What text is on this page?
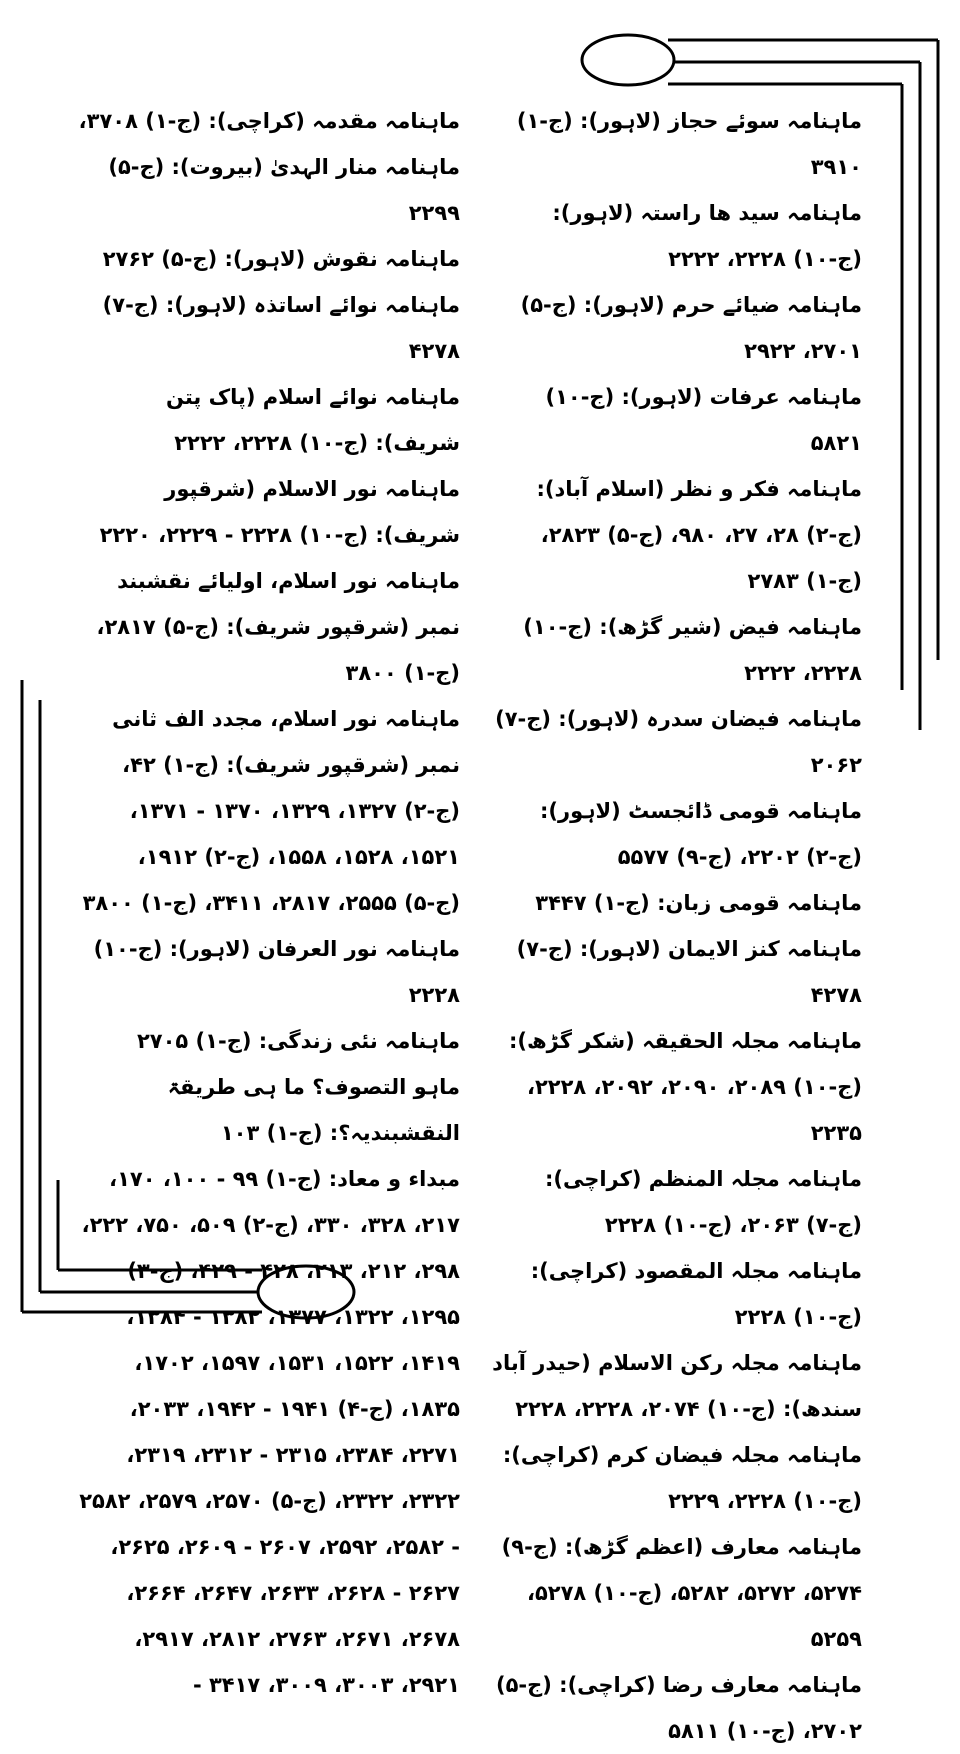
ماہنامہ سوئے حجاز (لاہور): (ج-۱) ۳۹۱۰

ماہنامہ سید ھا راستہ (لاہور): (ج-۱۰) ۲۲۲۸، ۲۲۲۲

ماہنامہ ضیائے حرم (لاہور): (ج-۵) ۲۷۰۱، ۲۹۲۲

ماہنامہ عرفات (لاہور): (ج-۱۰) ۵۸۲۱

ماہنامہ فکر و نظر (اسلام آباد): (ج-۲) ۲۸، ۲۷، ۹۸۰، (ج-۵) ۲۸۲۳، (ج-۱) ۲۷۸۳

ماہنامہ فیض (شیر گڑھ): (ج-۱۰) ۲۲۲۸، ۲۲۲۲

ماہنامہ فیضان سدرہ (لاہور): (ج-۷) ۲۰۶۲

ماہنامہ قومی ڈائجسٹ (لاہور): (ج-۲) ۲۲۰۲، (ج-۹) ۵۵۷۷

ماہنامہ قومی زبان: (ج-۱) ۳۴۴۷

ماہنامہ کنز الایمان (لاہور): (ج-۷) ۴۲۷۸

ماہنامہ مجلہ الحقیقہ (شکر گڑھ): (ج-۱۰) ۲۰۸۹، ۲۰۹۰، ۲۰۹۲، ۲۲۲۸، ۲۲۳۵

ماہنامہ مجلہ المنظم (کراچی): (ج-۷) ۲۰۶۳، (ج-۱۰) ۲۲۲۸

ماہنامہ مجلہ المقصود (کراچی): (ج-۱۰) ۲۲۲۸

ماہنامہ مجلہ رکن الاسلام (حیدر آباد سندھ): (ج-۱۰) ۲۰۷۴، ۲۲۲۸، ۲۲۲۸

ماہنامہ مجلہ فیضان کرم (کراچی): (ج-۱۰) ۲۲۲۸، ۲۲۲۹

ماہنامہ معارف (اعظم گڑھ): (ج-۹) ۵۲۷۴، ۵۲۷۲، ۵۲۸۲، (ج-۱۰) ۵۲۷۸، ۵۲۵۹

ماہنامہ معارف رضا (کراچی): (ج-۵) ۲۷۰۲، (ج-۱۰) ۵۸۱۱

ماہنامہ مقدمہ (کراچی): (ج-۱) ۳۷۰۸،

ماہنامہ منار الہدیٰ (بیروت): (ج-۵) ۲۲۹۹

ماہنامہ نقوش (لاہور): (ج-۵) ۲۷۶۲

ماہنامہ نوائے اساتذہ (لاہور): (ج-۷) ۴۲۷۸

ماہنامہ نوائے اسلام (پاک پتن شریف): (ج-۱۰) ۲۲۲۸، ۲۲۲۲

ماہنامہ نور الاسلام (شرقپور شریف): (ج-۱۰) ۲۲۲۸ - ۲۲۲۹، ۲۲۲۰

ماہنامہ نور اسلام، اولیائے نقشبند نمبر (شرقپور شریف): (ج-۵) ۲۸۱۷، (ج-۱) ۳۸۰۰

ماہنامہ نور اسلام، مجدد الف ثانی نمبر (شرقپور شریف): (ج-۱) ۴۲، (ج-۲) ۱۳۲۷، ۱۳۲۹، ۱۳۷۰ - ۱۳۷۱، ۱۵۲۱، ۱۵۲۸، ۱۵۵۸، (ج-۲) ۱۹۱۲، (ج-۵) ۲۵۵۵، ۲۸۱۷، ۳۴۱۱، (ج-۱) ۳۸۰۰

ماہنامہ نور العرفان (لاہور): (ج-۱۰) ۲۲۲۸

ماہنامہ نئی زندگی: (ج-۱) ۲۷۰۵

ماہو التصوف؟ ما ہی طریقۃ النقشبندیہ؟: (ج-۱) ۱۰۳

مبداء و معاد: (ج-۱) ۹۹ - ۱۰۰، ۱۷۰، ۲۱۷، ۳۲۸، ۳۳۰، (ج-۲) ۵۰۹، ۷۵۰، ۲۲۲، ۲۹۸، ۲۱۲، ۲۱۳، ۴۲۸ - ۴۲۹، (ج-۳) ۱۲۹۵، ۱۳۲۲، ۱۳۷۷، ۱۳۸۲ - ۱۳۸۴، ۱۴۱۹، ۱۵۲۲، ۱۵۳۱، ۱۵۹۷، ۱۷۰۲، ۱۸۳۵، (ج-۴) ۱۹۴۱ - ۱۹۴۲، ۲۰۳۳، ۲۲۷۱، ۲۳۸۴، ۲۳۱۵ - ۲۳۱۲، ۲۳۱۹، ۲۳۲۲، ۲۳۲۲، (ج-۵) ۲۵۷۰، ۲۵۷۹، ۲۵۸۲ - ۲۵۸۲، ۲۵۹۲، ۲۶۰۷ - ۲۶۰۹، ۲۶۲۵، ۲۶۲۷ - ۲۶۲۸، ۲۶۳۳، ۲۶۴۷، ۲۶۶۴، ۲۶۷۸، ۲۶۷۱، ۲۷۶۳، ۲۸۱۲، ۲۹۱۷، ۲۹۲۱، ۳۰۰۳، ۳۰۰۹، ۳۴۱۷ -
